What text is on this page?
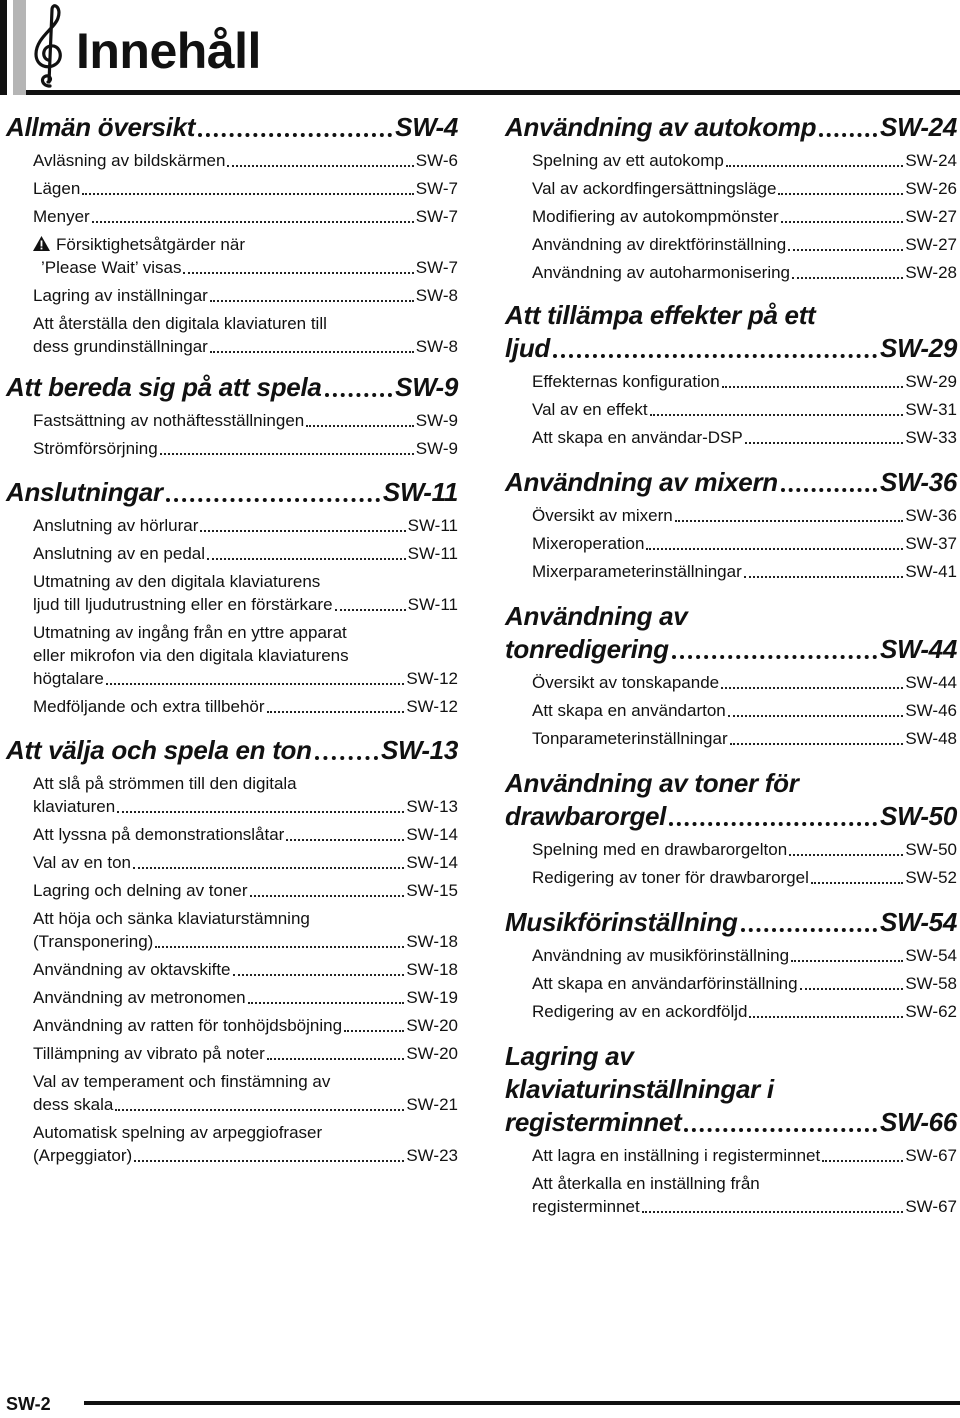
Innehåll
Allmän översikt	SW-4
Avläsning av bildskärmen	SW-6
Lägen	SW-7
Menyer	SW-7
Försiktighetsåtgärder när
’Please Wait’ visas	SW-7
Lagring av inställningar	SW-8
Att återställa den digitala klaviaturen till
dess grundinställningar	SW-8
Att bereda sig på att spela	SW-9
Fastsättning av nothäftesställningen	SW-9
Strömförsörjning	SW-9
Anslutningar	SW-11
Anslutning av hörlurar	SW-11
Anslutning av en pedal	SW-11
Utmatning av den digitala klaviaturens
ljud till ljudutrustning eller en förstärkare	SW-11
Utmatning av ingång från en yttre apparat
eller mikrofon via den digitala klaviaturens
högtalare	SW-12
Medföljande och extra tillbehör	SW-12
Att välja och spela en ton	SW-13
Att slå på strömmen till den digitala
klaviaturen	SW-13
Att lyssna på demonstrationslåtar	SW-14
Val av en ton	SW-14
Lagring och delning av toner	SW-15
Att höja och sänka klaviaturstämning
(Transponering)	SW-18
Användning av oktavskifte	SW-18
Användning av metronomen	SW-19
Användning av ratten för tonhöjdsböjning	SW-20
Tillämpning av vibrato på noter	SW-20
Val av temperament och finstämning av
dess skala	SW-21
Automatisk spelning av arpeggiofraser
(Arpeggiator)	SW-23
Användning av autokomp SW-24
Spelning av ett autokomp	SW-24
Val av ackordfingersättningsläge	SW-26
Modifiering av autokompmönster	SW-27
Användning av direktförinställning	SW-27
Användning av autoharmonisering	SW-28
Att tillämpa effekter på ett
ljud	SW-29
Effekternas konfiguration	SW-29
Val av en effekt	SW-31
Att skapa en användar-DSP	SW-33
Användning av mixern	SW-36
Översikt av mixern	SW-36
Mixeroperation	SW-37
Mixerparameterinställningar	SW-41
Användning av
tonredigering	SW-44
Översikt av tonskapande	SW-44
Att skapa en användarton	SW-46
Tonparameterinställningar	SW-48
Användning av toner för
drawbarorgel	SW-50
Spelning med en drawbarorgelton	SW-50
Redigering av toner för drawbarorgel	SW-52
Musikförinställning	SW-54
Användning av musikförinställning	SW-54
Att skapa en användarförinställning	SW-58
Redigering av en ackordföljd	SW-62
Lagring av
klaviaturinställningar i
registerminnet	SW-66
Att lagra en inställning i registerminnet	SW-67
Att återkalla en inställning från
registerminnet	SW-67
SW-2
